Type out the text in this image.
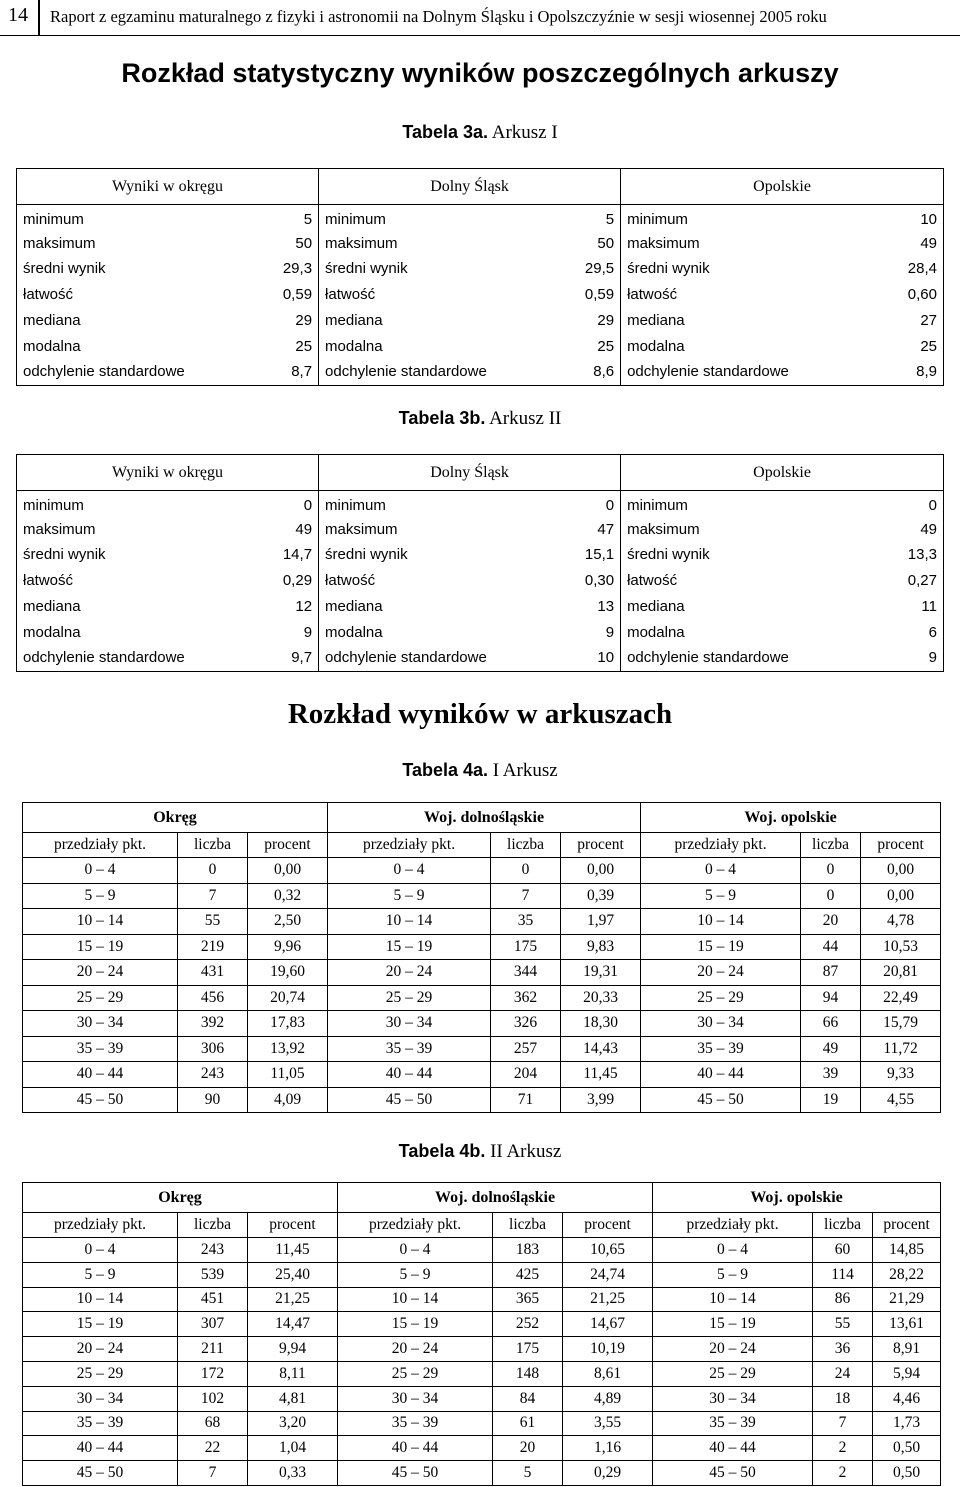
14 Raport z egzaminu maturalnego z fizyki i astronomii na Dolnym Śląsku i Opolszczyźnie w sesji wiosennej 2005 roku
Rozkład statystyczny wyników poszczególnych arkuszy
Tabela 3a. Arkusz I
Wyniki w okręgu		Dolny Śląsk		Opolskie	
minimum	5	minimum	5	minimum	10
maksimum	50	maksimum	50	maksimum	49
średni wynik	29,3	średni wynik	29,5	średni wynik	28,4
łatwość	0,59	łatwość	0,59	łatwość	0,60
mediana	29	mediana	29	mediana	27
modalna	25	modalna	25	modalna	25
odchylenie standardowe	8,7	odchylenie standardowe	8,6	odchylenie standardowe	8,9
Tabela 3b. Arkusz II
Wyniki w okręgu		Dolny Śląsk		Opolskie	
minimum	0	minimum	0	minimum	0
maksimum	49	maksimum	47	maksimum	49
średni wynik	14,7	średni wynik	15,1	średni wynik	13,3
łatwość	0,29	łatwość	0,30	łatwość	0,27
mediana	12	mediana	13	mediana	11
modalna	9	modalna	9	modalna	6
odchylenie standardowe	9,7	odchylenie standardowe	10	odchylenie standardowe	9
Rozkład wyników w arkuszach
Tabela 4a. I Arkusz
Okręg			Woj. dolnośląskie			Woj. opolskie		
przedziały pkt.	liczba	procent	przedziały pkt.	liczba	procent	przedziały pkt.	liczba	procent
0 – 4	0	0,00	0 – 4	0	0,00	0 – 4	0	0,00
5 – 9	7	0,32	5 – 9	7	0,39	5 – 9	0	0,00
10 – 14	55	2,50	10 – 14	35	1,97	10 – 14	20	4,78
15 – 19	219	9,96	15 – 19	175	9,83	15 – 19	44	10,53
20 – 24	431	19,60	20 – 24	344	19,31	20 – 24	87	20,81
25 – 29	456	20,74	25 – 29	362	20,33	25 – 29	94	22,49
30 – 34	392	17,83	30 – 34	326	18,30	30 – 34	66	15,79
35 – 39	306	13,92	35 – 39	257	14,43	35 – 39	49	11,72
40 – 44	243	11,05	40 – 44	204	11,45	40 – 44	39	9,33
45 – 50	90	4,09	45 – 50	71	3,99	45 – 50	19	4,55
Tabela 4b. II Arkusz
Okręg			Woj. dolnośląskie			Woj. opolskie		
przedziały pkt.	liczba	procent	przedziały pkt.	liczba	procent	przedziały pkt.	liczba	procent
0 – 4	243	11,45	0 – 4	183	10,65	0 – 4	60	14,85
5 – 9	539	25,40	5 – 9	425	24,74	5 – 9	114	28,22
10 – 14	451	21,25	10 – 14	365	21,25	10 – 14	86	21,29
15 – 19	307	14,47	15 – 19	252	14,67	15 – 19	55	13,61
20 – 24	211	9,94	20 – 24	175	10,19	20 – 24	36	8,91
25 – 29	172	8,11	25 – 29	148	8,61	25 – 29	24	5,94
30 – 34	102	4,81	30 – 34	84	4,89	30 – 34	18	4,46
35 – 39	68	3,20	35 – 39	61	3,55	35 – 39	7	1,73
40 – 44	22	1,04	40 – 44	20	1,16	40 – 44	2	0,50
45 – 50	7	0,33	45 – 50	5	0,29	45 – 50	2	0,50
